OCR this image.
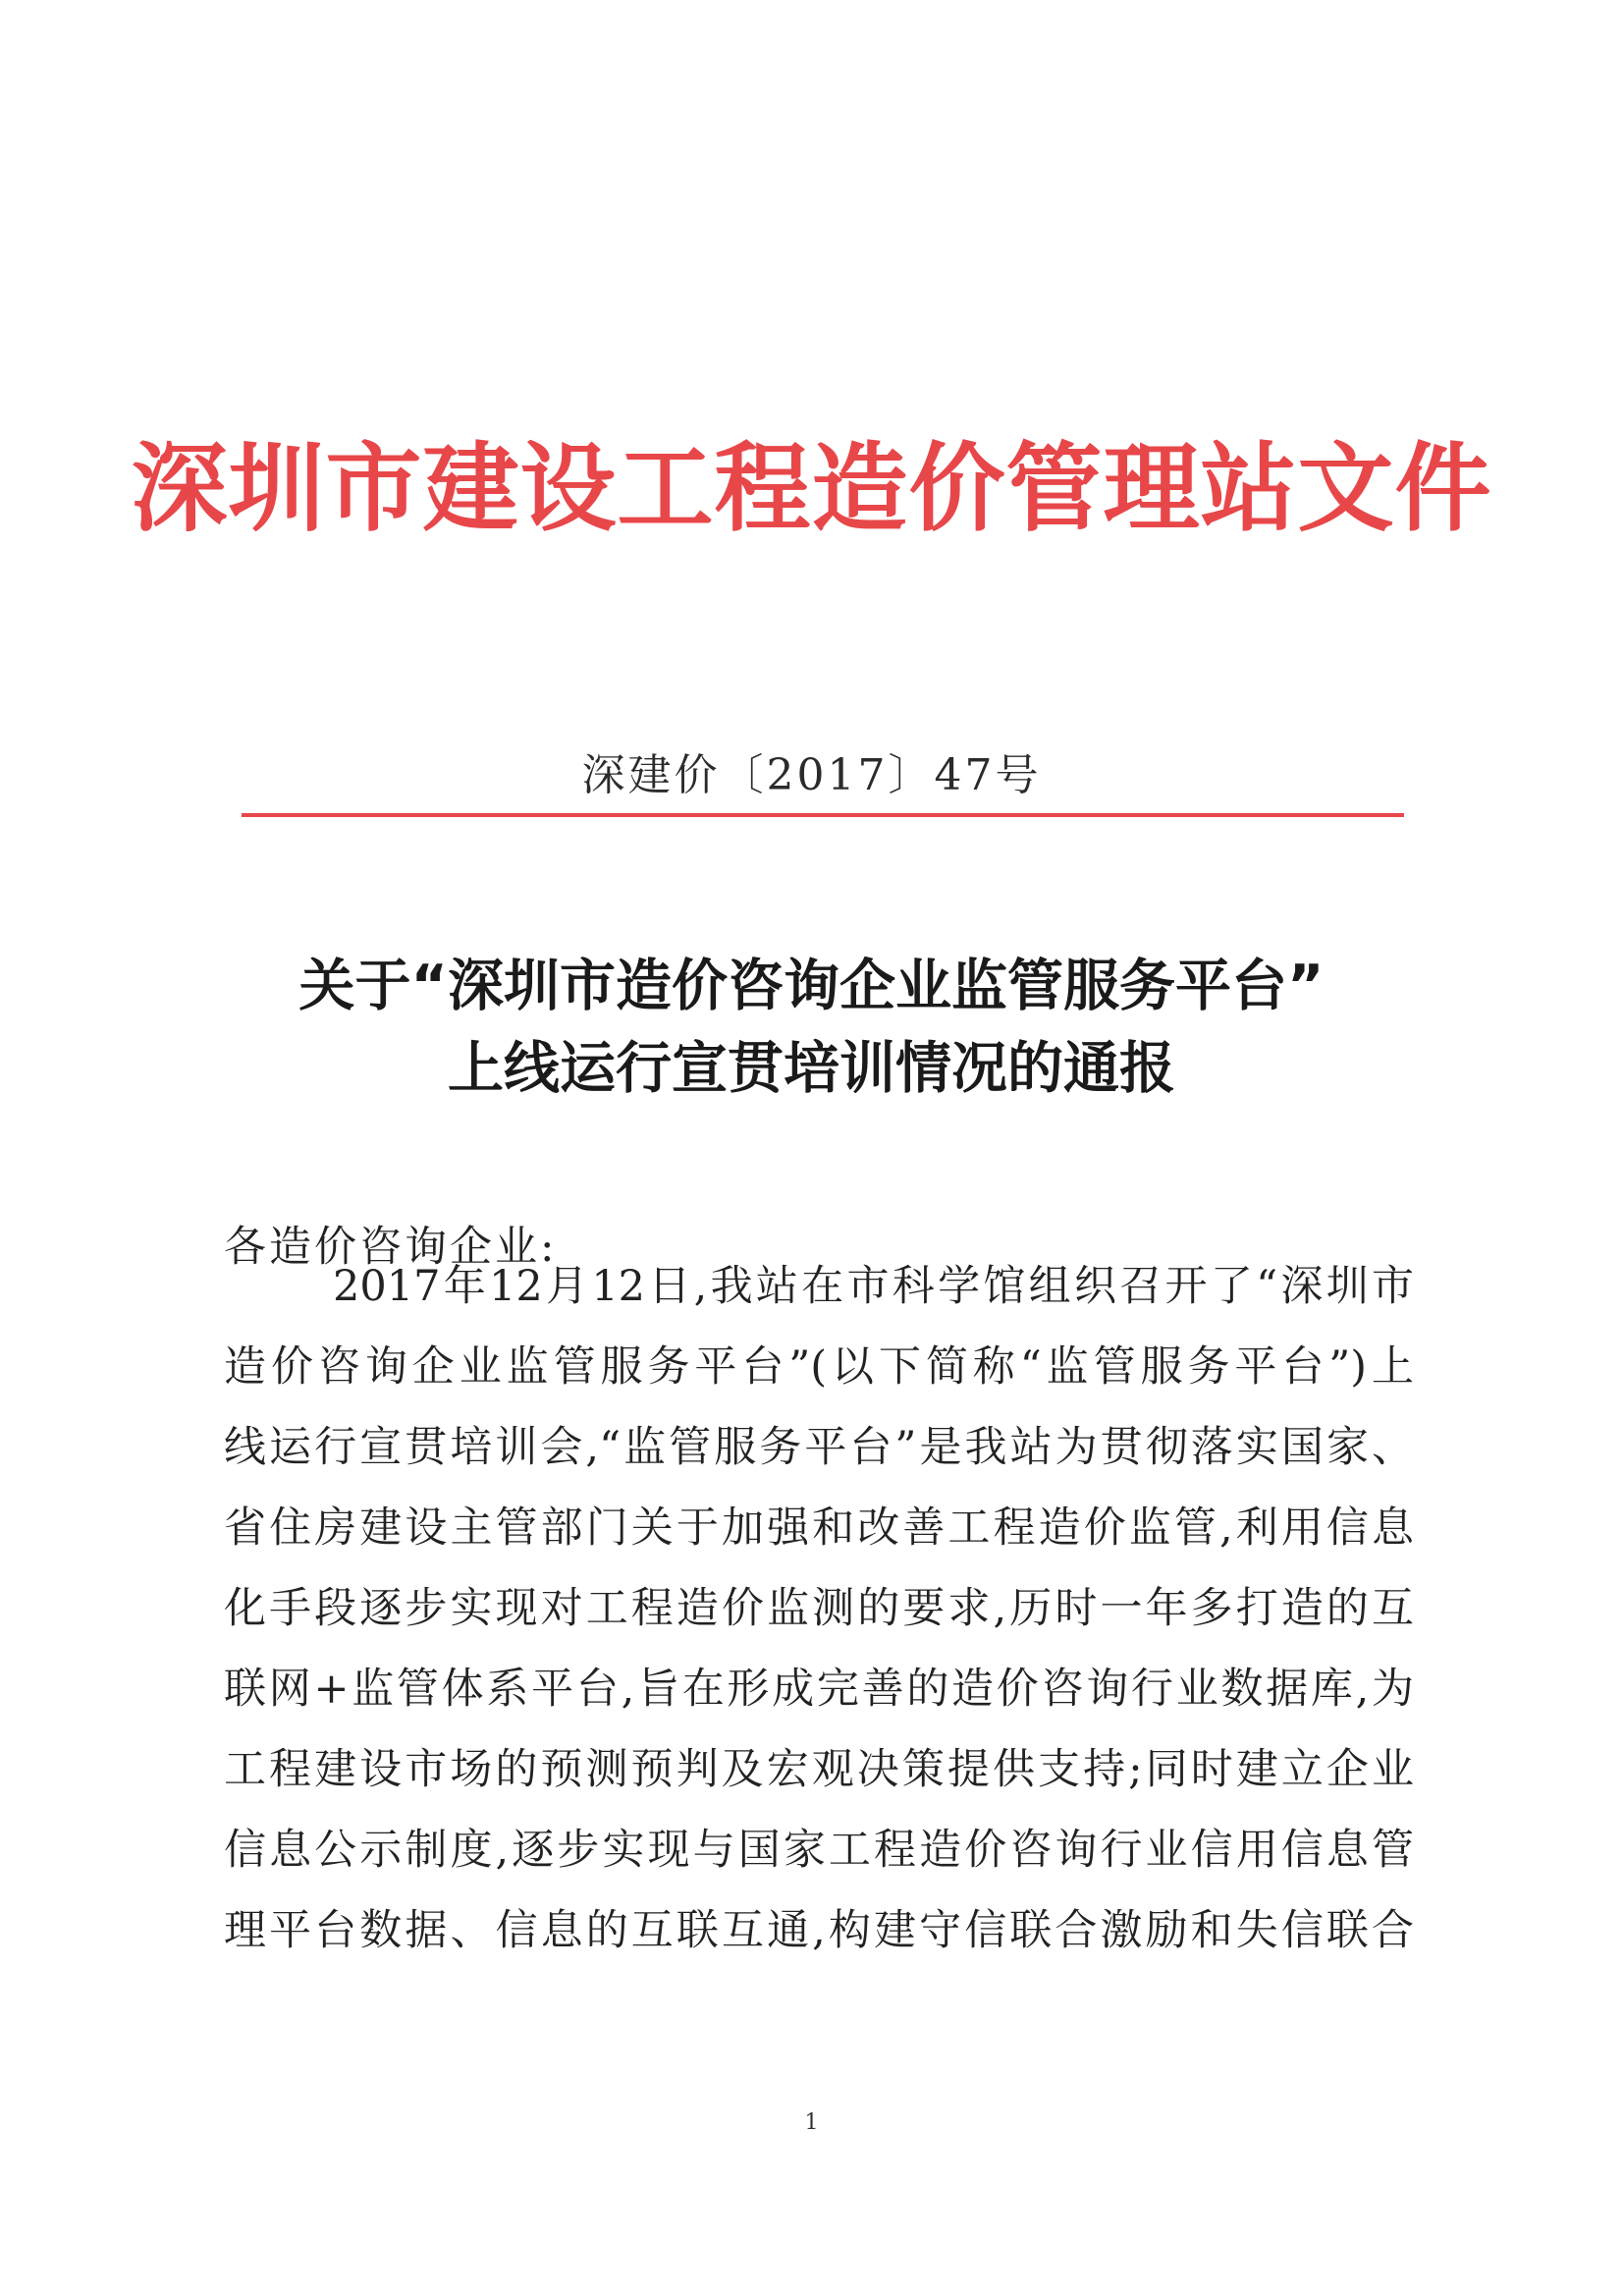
深圳市建设工程造价管理站文件
深建价〔2017〕47号
关于“深圳市造价咨询企业监管服务平台”
上线运行宣贯培训情况的通报
各造价咨询企业:
2017年12月12日,我站在市科学馆组织召开了“深圳市
造价咨询企业监管服务平台”(以下简称“监管服务平台”)上
线运行宣贯培训会,“监管服务平台”是我站为贯彻落实国家、
省住房建设主管部门关于加强和改善工程造价监管,利用信息
化手段逐步实现对工程造价监测的要求,历时一年多打造的互
联网+监管体系平台,旨在形成完善的造价咨询行业数据库,为
工程建设市场的预测预判及宏观决策提供支持;同时建立企业
信息公示制度,逐步实现与国家工程造价咨询行业信用信息管
理平台数据、信息的互联互通,构建守信联合激励和失信联合
1
